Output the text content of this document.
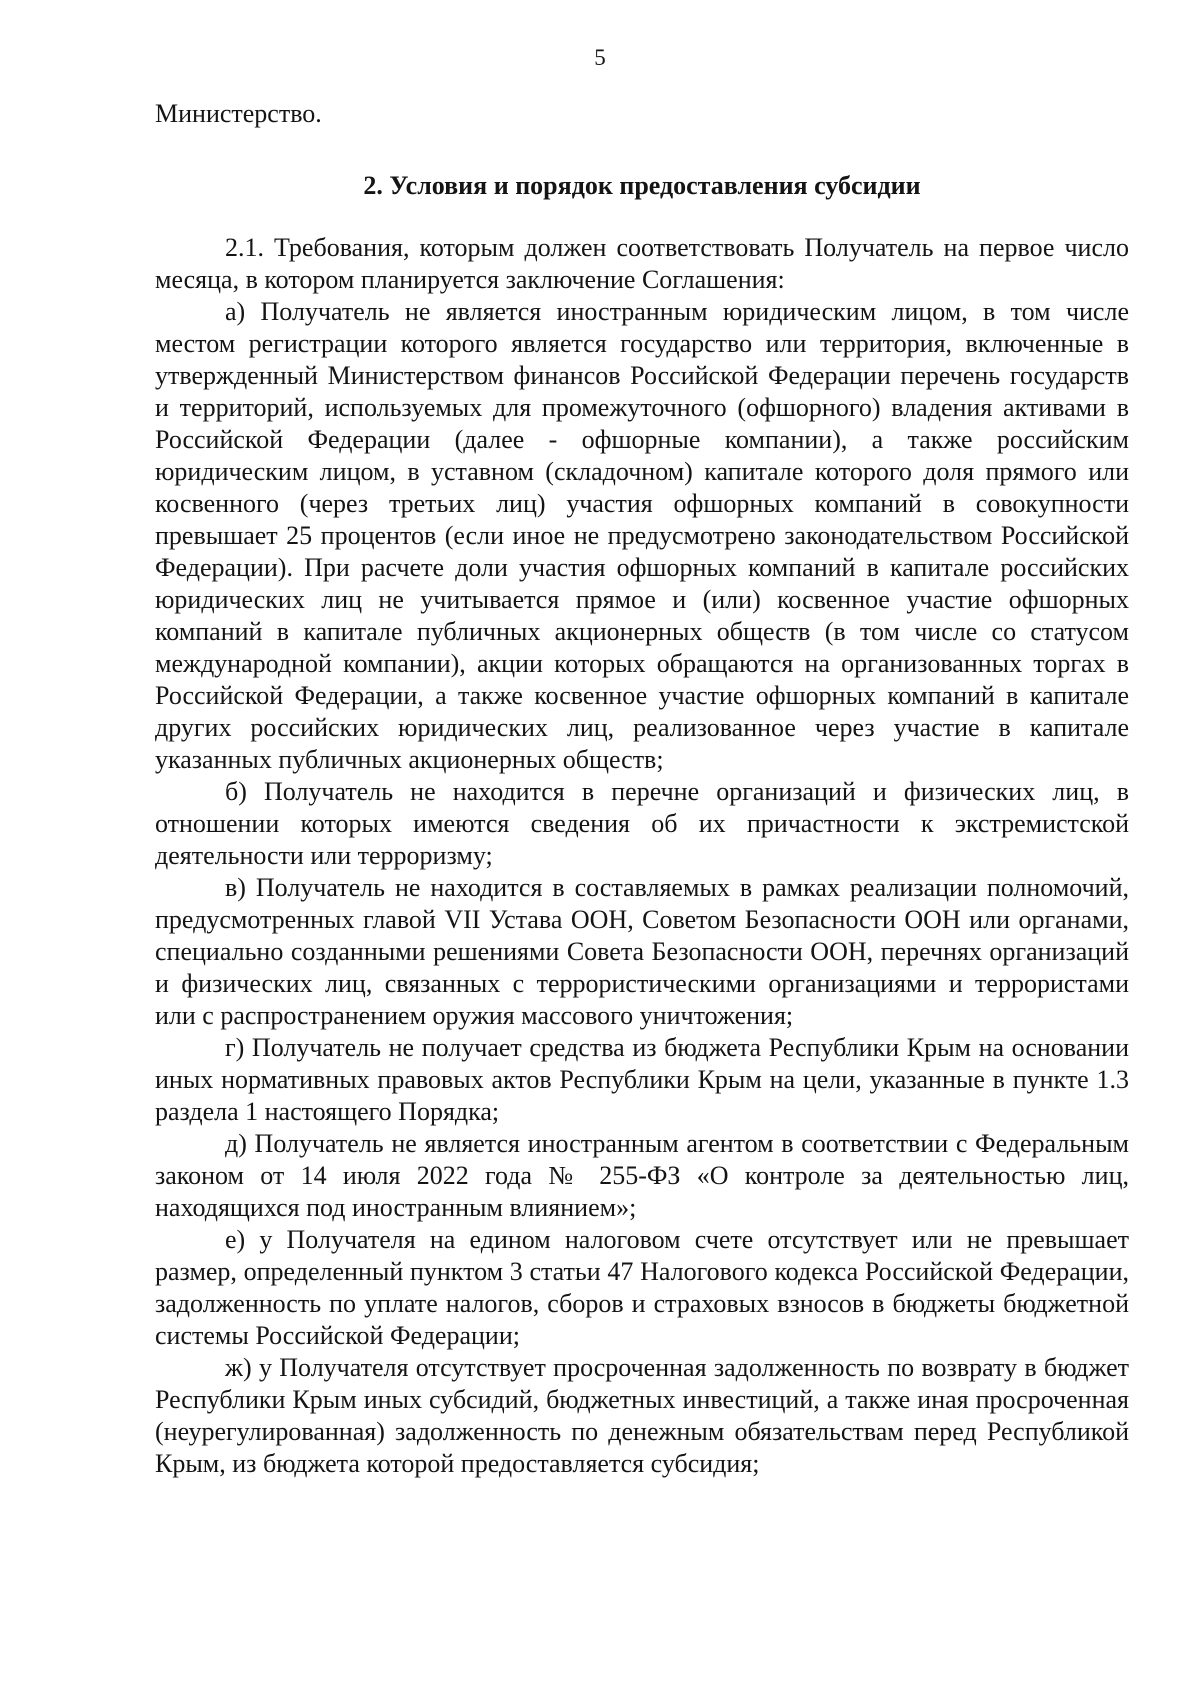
5

Министерство.

2. Условия и порядок предоставления субсидии

2.1. Требования, которым должен соответствовать Получатель на первое число месяца, в котором планируется заключение Соглашения:

а) Получатель не является иностранным юридическим лицом, в том числе местом регистрации которого является государство или территория, включенные в утвержденный Министерством финансов Российской Федерации перечень государств и территорий, используемых для промежуточного (офшорного) владения активами в Российской Федерации (далее - офшорные компании), а также российским юридическим лицом, в уставном (складочном) капитале которого доля прямого или косвенного (через третьих лиц) участия офшорных компаний в совокупности превышает 25 процентов (если иное не предусмотрено законодательством Российской Федерации). При расчете доли участия офшорных компаний в капитале российских юридических лиц не учитывается прямое и (или) косвенное участие офшорных компаний в капитале публичных акционерных обществ (в том числе со статусом международной компании), акции которых обращаются на организованных торгах в Российской Федерации, а также косвенное участие офшорных компаний в капитале других российских юридических лиц, реализованное через участие в капитале указанных публичных акционерных обществ;

б) Получатель не находится в перечне организаций и физических лиц, в отношении которых имеются сведения об их причастности к экстремистской деятельности или терроризму;

в) Получатель не находится в составляемых в рамках реализации полномочий, предусмотренных главой VII Устава ООН, Советом Безопасности ООН или органами, специально созданными решениями Совета Безопасности ООН, перечнях организаций и физических лиц, связанных с террористическими организациями и террористами или с распространением оружия массового уничтожения;

г) Получатель не получает средства из бюджета Республики Крым на основании иных нормативных правовых актов Республики Крым на цели, указанные в пункте 1.3 раздела 1 настоящего Порядка;

д) Получатель не является иностранным агентом в соответствии с Федеральным законом от 14 июля 2022 года № 255-ФЗ «О контроле за деятельностью лиц, находящихся под иностранным влиянием»;

е) у Получателя на едином налоговом счете отсутствует или не превышает размер, определенный пунктом 3 статьи 47 Налогового кодекса Российской Федерации, задолженность по уплате налогов, сборов и страховых взносов в бюджеты бюджетной системы Российской Федерации;

ж) у Получателя отсутствует просроченная задолженность по возврату в бюджет Республики Крым иных субсидий, бюджетных инвестиций, а также иная просроченная (неурегулированная) задолженность по денежным обязательствам перед Республикой Крым, из бюджета которой предоставляется субсидия;
